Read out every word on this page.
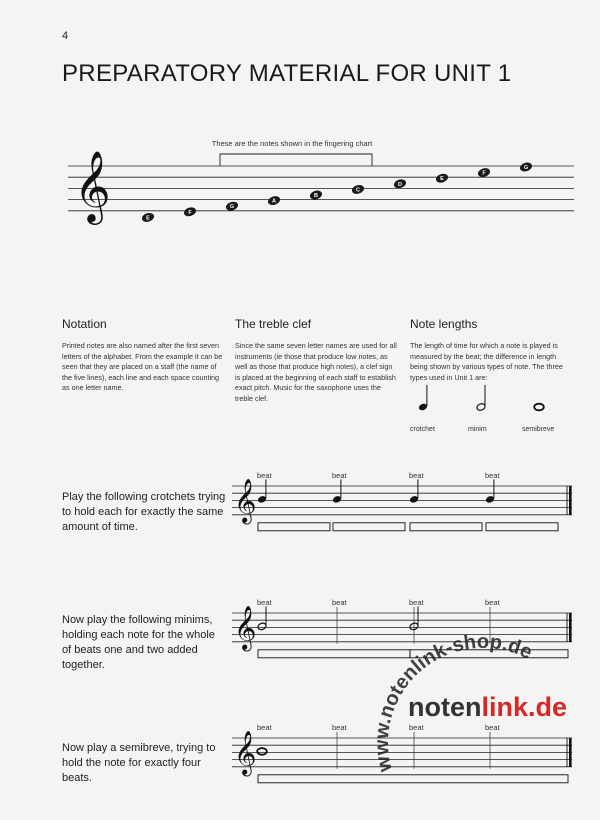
4
PREPARATORY MATERIAL FOR UNIT 1
𝄞
These are the notes shown in the fingering chart
E
F
G
A
B
C
D
E
F
G
𝄞
beat	beat	beat	beat
𝄞
beat	beat	beat	beat
𝄞
beat	beat	beat	beat
www.notenlink-shop.de
Notation

Printed notes are also named after the first seven letters of the alphabet. From the example it can be seen that they are placed on a staff (the name of the five lines), each line and each space counting as one letter name.

The treble clef

Since the same seven letter names are used for all instruments (ie those that produce low notes, as well as those that produce high notes), a clef sign is placed at the beginning of each staff to establish exact pitch. Music for the saxophone uses the treble clef.

Note lengths

The length of time for which a note is played is measured by the beat; the difference in length being shown by various types of note. The three types used in Unit 1 are:

crotchet	minim	semibreve
Play the following crotchets trying to hold each for exactly the same amount of time.
Now play the following minims, holding each note for the whole of beats one and two added together.
Now play a semibreve, trying to hold the note for exactly four beats.
notenlink.de
